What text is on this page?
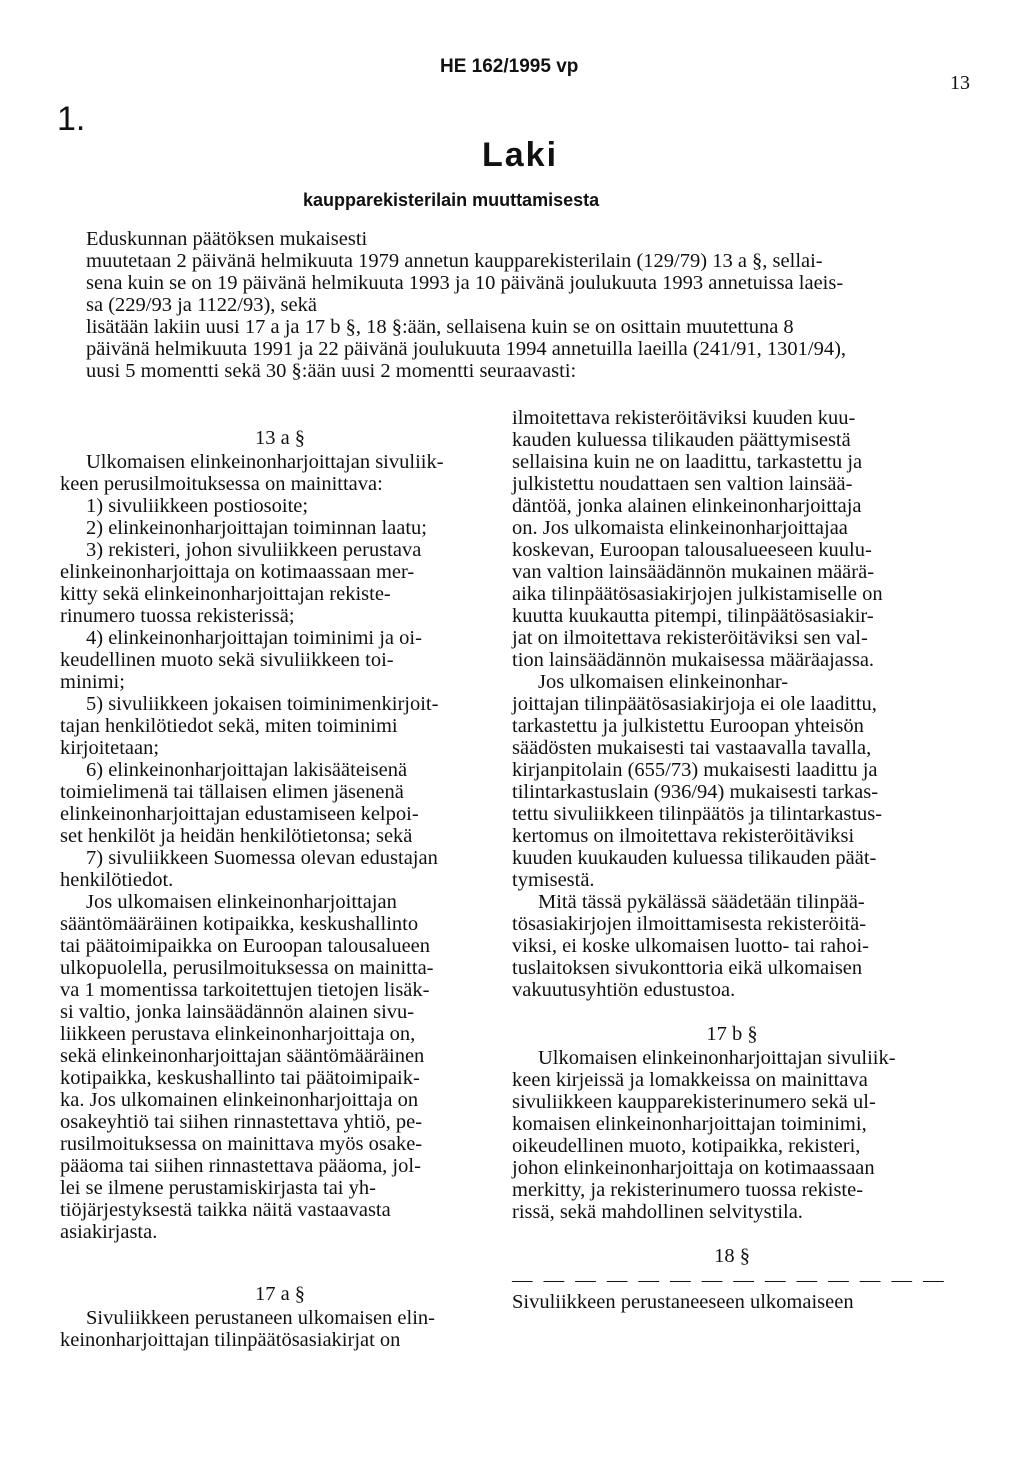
1.
HE 162/1995 vp
13
Laki
kaupparekisterilain muuttamisesta
Eduskunnan päätöksen mukaisesti
muutetaan 2 päivänä helmikuuta 1979 annetun kaupparekisterilain (129/79) 13 a §, sellai-
sena kuin se on 19 päivänä helmikuuta 1993 ja 10 päivänä joulukuuta 1993 annetuissa laeis-
sa (229/93 ja 1122/93), sekä
lisätään lakiin uusi 17 a ja 17 b §, 18 §:ään, sellaisena kuin se on osittain muutettuna 8
päivänä helmikuuta 1991 ja 22 päivänä joulukuuta 1994 annetuilla laeilla (241/91, 1301/94),
uusi 5 momentti sekä 30 §:ään uusi 2 momentti seuraavasti:
13 a §
Ulkomaisen elinkeinonharjoittajan sivuliik-
keen perusilmoituksessa on mainittava:
1) sivuliikkeen postiosoite;
2) elinkeinonharjoittajan toiminnan laatu;
3) rekisteri, johon sivuliikkeen perustava
elinkeinonharjoittaja on kotimaassaan mer-
kitty sekä elinkeinonharjoittajan rekiste-
rinumero tuossa rekisterissä;
4) elinkeinonharjoittajan toiminimi ja oi-
keudellinen muoto sekä sivuliikkeen toi-
minimi;
5) sivuliikkeen jokaisen toiminimenkirjoit-
tajan henkilötiedot sekä, miten toiminimi
kirjoitetaan;
6) elinkeinonharjoittajan lakisääteisenä
toimielimenä tai tällaisen elimen jäsenenä
elinkeinonharjoittajan edustamiseen kelpoi-
set henkilöt ja heidän henkilötietonsa; sekä
7) sivuliikkeen Suomessa olevan edustajan
henkilötiedot.
Jos ulkomaisen elinkeinonharjoittajan
sääntömääräinen kotipaikka, keskushallinto
tai päätoimipaikka on Euroopan talousalueen
ulkopuolella, perusilmoituksessa on mainitta-
va 1 momentissa tarkoitettujen tietojen lisäk-
si valtio, jonka lainsäädännön alainen sivu-
liikkeen perustava elinkeinonharjoittaja on,
sekä elinkeinonharjoittajan sääntömääräinen
kotipaikka, keskushallinto tai päätoimipaik-
ka. Jos ulkomainen elinkeinonharjoittaja on
osakeyhtiö tai siihen rinnastettava yhtiö, pe-
rusilmoituksessa on mainittava myös osake-
pääoma tai siihen rinnastettava pääoma, jol-
lei se ilmene perustamiskirjasta tai yh-
tiöjärjestyksestä taikka näitä vastaavasta
asiakirjasta.
17 a §
Sivuliikkeen perustaneen ulkomaisen elin-
keinonharjoittajan tilinpäätösasiakirjat on
ilmoitettava rekisteröitäviksi kuuden kuu-
kauden kuluessa tilikauden päättymisestä
sellaisina kuin ne on laadittu, tarkastettu ja
julkistettu noudattaen sen valtion lainsää-
däntöä, jonka alainen elinkeinonharjoittaja
on. Jos ulkomaista elinkeinonharjoittajaa
koskevan, Euroopan talousalueeseen kuulu-
van valtion lainsäädännön mukainen määrä-
aika tilinpäätösasiakirjojen julkistamiselle on
kuutta kuukautta pitempi, tilinpäätösasiakir-
jat on ilmoitettava rekisteröitäviksi sen val-
tion lainsäädännön mukaisessa määräajassa.
Jos ulkomaisen elinkeinonhar-
joittajan tilinpäätösasiakirjoja ei ole laadittu,
tarkastettu ja julkistettu Euroopan yhteisön
säädösten mukaisesti tai vastaavalla tavalla,
kirjanpitolain (655/73) mukaisesti laadittu ja
tilintarkastuslain (936/94) mukaisesti tarkas-
tettu sivuliikkeen tilinpäätös ja tilintarkastus-
kertomus on ilmoitettava rekisteröitäviksi
kuuden kuukauden kuluessa tilikauden päät-
tymisestä.
Mitä tässä pykälässä säädetään tilinpää-
tösasiakirjojen ilmoittamisesta rekisteröitä-
viksi, ei koske ulkomaisen luotto- tai rahoi-
tuslaitoksen sivukonttoria eikä ulkomaisen
vakuutusyhtiön edustustoa.
17 b §
Ulkomaisen elinkeinonharjoittajan sivuliik-
keen kirjeissä ja lomakkeissa on mainittava
sivuliikkeen kaupparekisterinumero sekä ul-
komaisen elinkeinonharjoittajan toiminimi,
oikeudellinen muoto, kotipaikka, rekisteri,
johon elinkeinonharjoittaja on kotimaassaan
merkitty, ja rekisterinumero tuossa rekiste-
rissä, sekä mahdollinen selvitystila.
18 §
— — — — — — — — — — — — — —
Sivuliikkeen perustaneeseen ulkomaiseen
